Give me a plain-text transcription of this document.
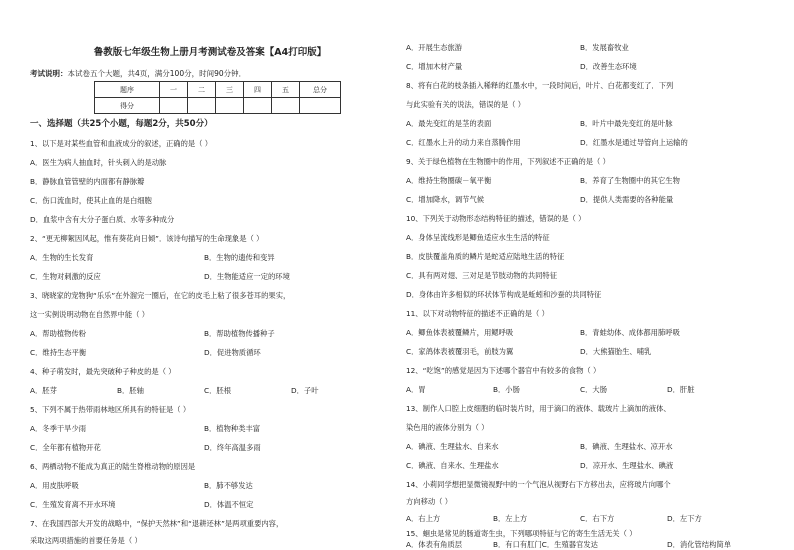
鲁教版七年级生物上册月考测试卷及答案【A4打印版】
考试说明：本试卷五个大题，共4页，满分100分，时间90分钟．
题序	一	二	三	四	五	总分
得分						
一、选择题（共25个小题，每题2分，共50分）
1、以下是对某些血管和血液成分的叙述，正确的是（ ）
A．医生为病人抽血时，针头刺入的是动脉
B．静脉血管管壁的内面都有静脉瓣
C．伤口流血时，使其止血的是白细胞
D．血浆中含有大分子蛋白质、水等多种成分
2、“更无柳絮因风起，惟有葵花向日倾”．该诗句描写的生命现象是（ ）
A．生物的生长发育	B．生物的遗传和变异
C．生物对刺激的反应	D．生物能适应一定的环境
3、晓晓家的宠物狗“乐乐”在外溜完一圈后，在它的皮毛上粘了很多苍耳的果实，
这一实例说明动物在自然界中能（ ）
A．帮助植物传粉	B．帮助植物传播种子
C．维持生态平衡	D．促进物质循环
4、种子萌发时，最先突破种子种皮的是（ ）
A．胚芽	B．胚轴	C．胚根	D．子叶
5、下列不属于热带雨林地区所具有的特征是（ ）
A．冬季干旱少雨	B．植物种类丰富
C．全年都有植物开花	D．终年高温多雨
6、两栖动物不能成为真正的陆生脊椎动物的原因是
A．用皮肤呼吸	B．肺不够发达
C．生殖发育离不开水环境	D．体温不恒定
7、在我国西部大开发的战略中，“保护天然林”和“退耕还林”是两项重要内容，
采取这两项措施的首要任务是（ ）
A．开展生态旅游	B．发展畜牧业
C．增加木材产量	D．改善生态环境
8、将有白花的枝条插入稀释的红墨水中，一段时间后，叶片、白花都变红了．下列
与此实验有关的说法，错误的是（ ）
A．最先变红的是茎的表面	B．叶片中最先变红的是叶脉
C．红墨水上升的动力来自蒸腾作用	D．红墨水是通过导管向上运输的
9、关于绿色植物在生物圈中的作用，下列叙述不正确的是（ ）
A．维持生物圈碳－氧平衡	B．养育了生物圈中的其它生物
C．增加降水，调节气候	D．提供人类需要的各种能量
10、下列关于动物形态结构特征的描述，错误的是（ ）
A．身体呈流线形是鲫鱼适应水生生活的特征
B．皮肤覆盖角质的鳞片是蛇适应陆地生活的特征
C．具有两对翅、三对足是节肢动物的共同特征
D．身体由许多相似的环状体节构成是蚯蚓和沙蚕的共同特征
11、以下对动物特征的描述不正确的是（ ）
A．鲫鱼体表被覆鳞片，用鳃呼吸	B．青蛙幼体、成体都用肺呼吸
C．家鸽体表被覆羽毛，前肢为翼	D．大熊猫胎生、哺乳
12、“吃饱”的感觉是因为下述哪个器官中有较多的食物（ ）
A．胃	B．小肠	C．大肠	D．肝脏
13、制作人口腔上皮细胞的临时装片时，用于滴口的液体、载玻片上滴加的液体、
染色用的液体分别为（ ）
A．碘液、生理盐水、自来水	B．碘液、生理盐水、凉开水
C．碘液、自来水、生理盐水	D．凉开水、生理盐水、碘液
14、小莉同学想把显微镜视野中的一个气泡从视野右下方移出去，应将玻片向哪个
方向移动（ ）
A．右上方	B．左上方	C．右下方	D．左下方
15、蛔虫是常见的肠道寄生虫，下列哪项特征与它的寄生生活无关（ ）
A．体表有角质层	B．有口有肛门C．生殖器官发达	D．消化管结构简单
